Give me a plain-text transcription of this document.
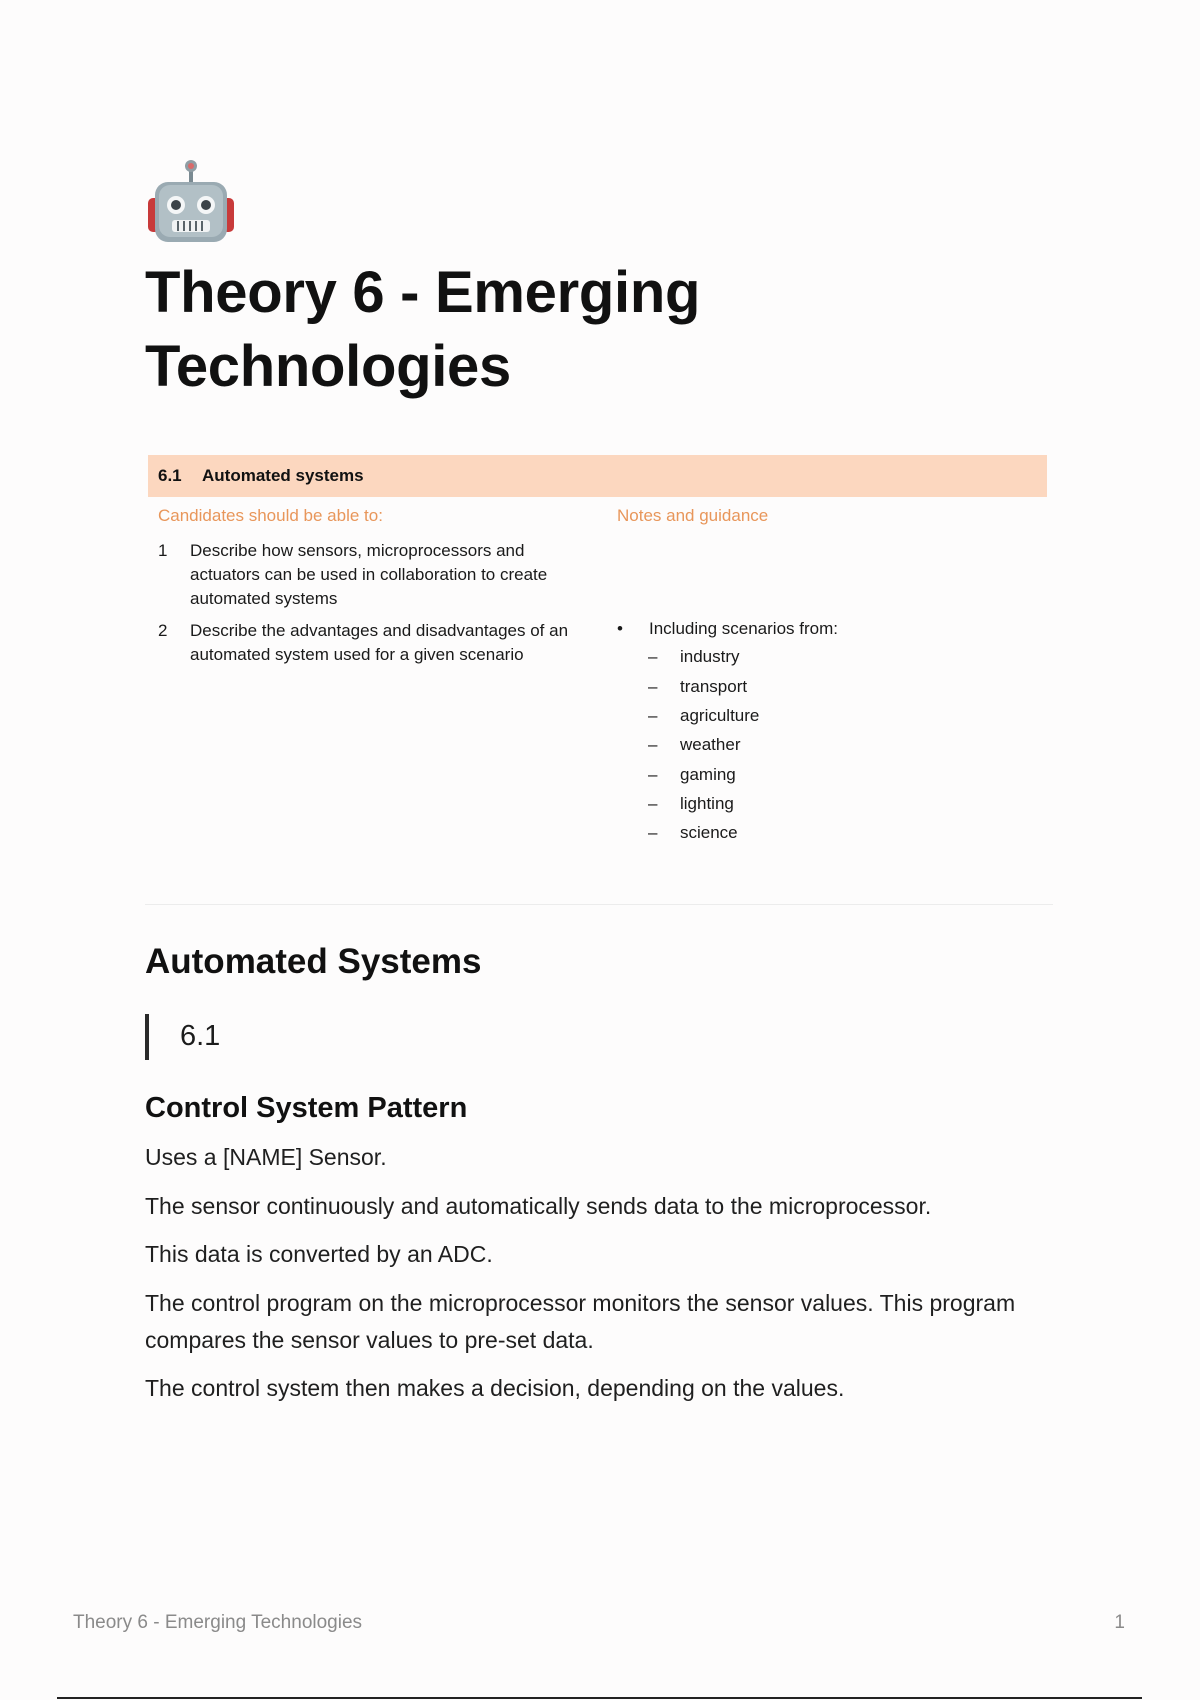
Theory 6 - Emerging Technologies
6.1 Automated systems
Candidates should be able to:	Notes and guidance
1 Describe how sensors, microprocessors and actuators can be used in collaboration to create automated systems
2 Describe the advantages and disadvantages of an automated system used for a given scenario
• Including scenarios from:
– industry
– transport
– agriculture
– weather
– gaming
– lighting
– science
Automated Systems
6.1
Control System Pattern

Uses a [NAME] Sensor.

The sensor continuously and automatically sends data to the microprocessor.

This data is converted by an ADC.

The control program on the microprocessor monitors the sensor values. This program compares the sensor values to pre-set data.

The control system then makes a decision, depending on the values.

Theory 6 - Emerging Technologies	1
